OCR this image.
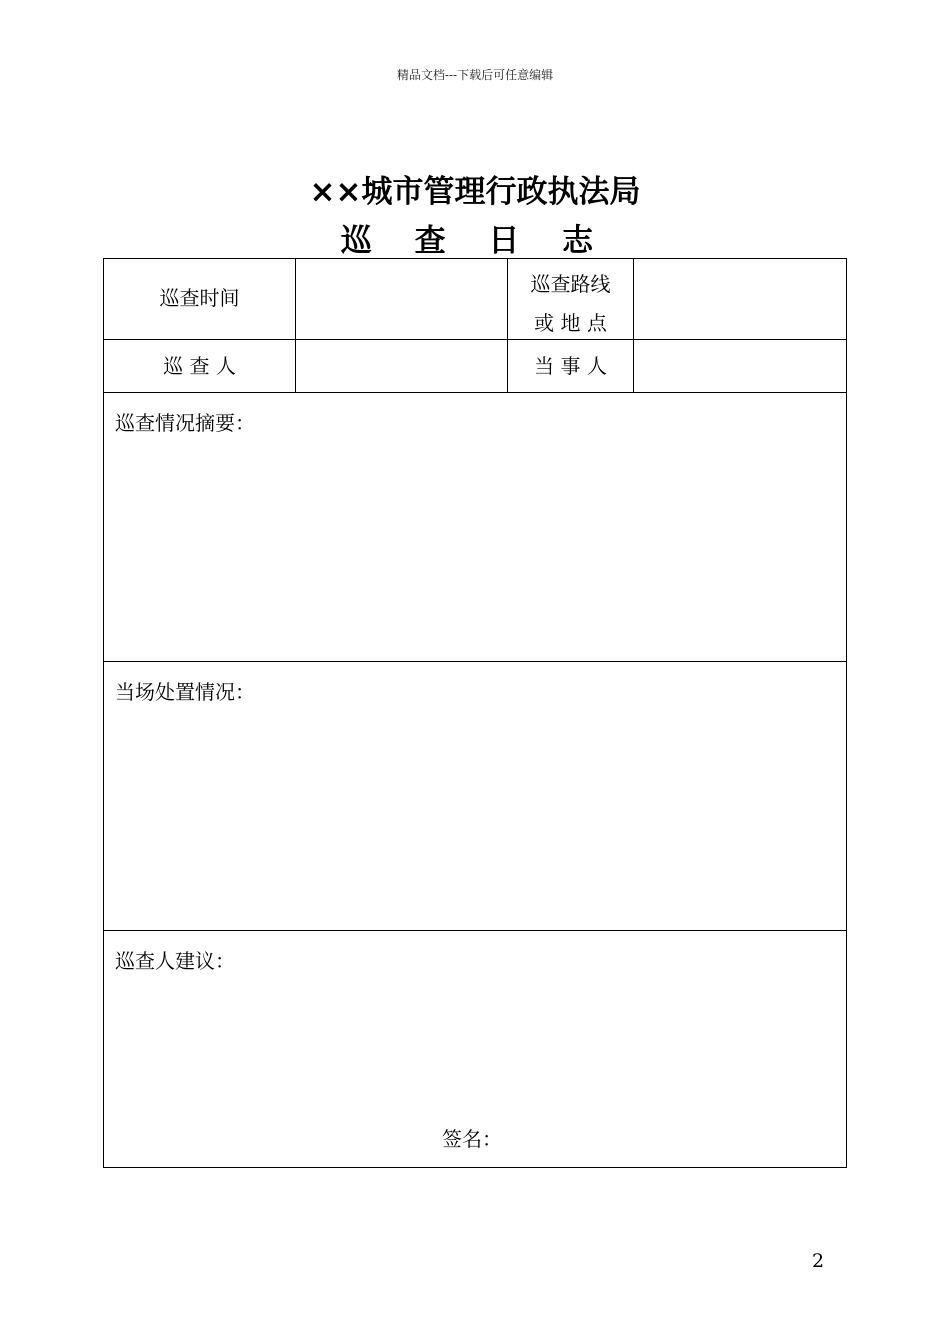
精品文档---下载后可任意编辑
××城市管理行政执法局
巡 查 日 志
巡查时间
巡查路线
或 地 点
巡 查 人	当 事 人
巡查情况摘要：
当场处置情况：
巡查人建议：
签名：
2
